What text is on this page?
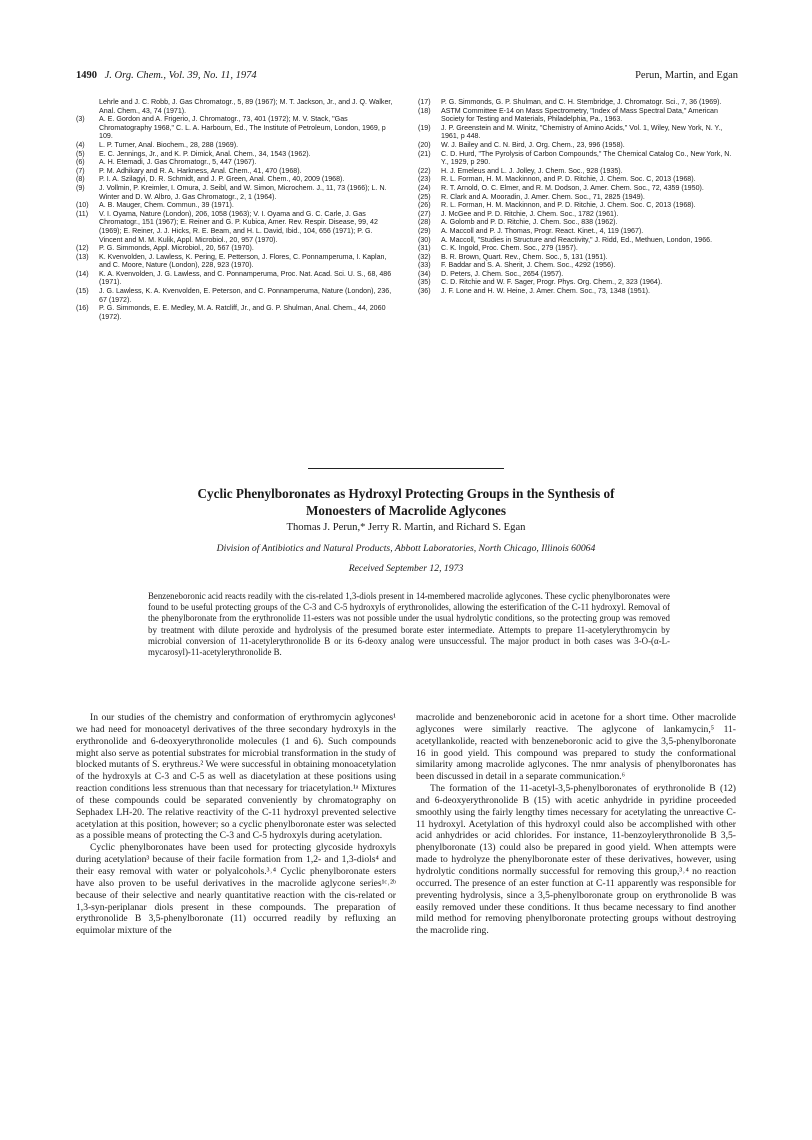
1490 J. Org. Chem., Vol. 39, No. 11, 1974	Perun, Martin, and Egan
Lehrle and J. C. Robb, J. Gas Chromatogr., 5, 89 (1967); M. T. Jackson, Jr., and J. Q. Walker, Anal. Chem., 43, 74 (1971).
(3) A. E. Gordon and A. Frigerio, J. Chromatogr., 73, 401 (1972); M. V. Stack, "Gas Chromatography 1968," C. L. A. Harbourn, Ed., The Institute of Petroleum, London, 1969, p 109.
(4) L. P. Turner, Anal. Biochem., 28, 288 (1969).
(5) E. C. Jennings, Jr., and K. P. Dimick, Anal. Chem., 34, 1543 (1962).
(6) A. H. Etemadi, J. Gas Chromatogr., 5, 447 (1967).
(7) P. M. Adhikary and R. A. Harkness, Anal. Chem., 41, 470 (1968).
(8) P. I. A. Szilagyi, D. R. Schmidt, and J. P. Green, Anal. Chem., 40, 2009 (1968).
(9) J. Vollmin, P. Kreimler, I. Omura, J. Seibl, and W. Simon, Microchem. J., 11, 73 (1966); L. N. Winter and D. W. Albro, J. Gas Chromatogr., 2, 1 (1964).
(10) A. B. Mauger, Chem. Commun., 39 (1971).
(11) V. I. Oyama, Nature (London), 206, 1058 (1963); V. I. Oyama and G. C. Carle, J. Gas Chromatogr., 151 (1967); E. Reiner and G. P. Kubica, Amer. Rev. Respir. Disease, 99, 42 (1969); E. Reiner, J. J. Hicks, R. E. Beam, and H. L. David, Ibid., 104, 656 (1971); P. G. Vincent and M. M. Kulik, Appl. Microbiol., 20, 957 (1970).
(12) P. G. Simmonds, Appl. Microbiol., 20, 567 (1970).
(13) K. Kvenvolden, J. Lawless, K. Pering, E. Petterson, J. Flores, C. Ponnamperuma, I. Kaplan, and C. Moore, Nature (London), 228, 923 (1970).
(14) K. A. Kvenvolden, J. G. Lawless, and C. Ponnamperuma, Proc. Nat. Acad. Sci. U. S., 68, 486 (1971).
(15) J. G. Lawless, K. A. Kvenvolden, E. Peterson, and C. Ponnamperuma, Nature (London), 236, 67 (1972).
(16) P. G. Simmonds, E. E. Medley, M. A. Ratcliff, Jr., and G. P. Shulman, Anal. Chem., 44, 2060 (1972).
(17) P. G. Simmonds, G. P. Shulman, and C. H. Stembridge, J. Chromatogr. Sci., 7, 36 (1969).
(18) ASTM Committee E-14 on Mass Spectrometry, "Index of Mass Spectral Data," American Society for Testing and Materials, Philadelphia, Pa., 1963.
(19) J. P. Greenstein and M. Winitz, "Chemistry of Amino Acids," Vol. 1, Wiley, New York, N. Y., 1961, p 448.
(20) W. J. Bailey and C. N. Bird, J. Org. Chem., 23, 996 (1958).
(21) C. D. Hurd, "The Pyrolysis of Carbon Compounds," The Chemical Catalog Co., New York, N. Y., 1929, p 290.
(22) H. J. Emeleus and L. J. Jolley, J. Chem. Soc., 928 (1935).
(23) R. L. Forman, H. M. Mackinnon, and P. D. Ritchie, J. Chem. Soc. C, 2013 (1968).
(24) R. T. Arnold, O. C. Elmer, and R. M. Dodson, J. Amer. Chem. Soc., 72, 4359 (1950).
(25) R. Clark and A. Mooradin, J. Amer. Chem. Soc., 71, 2825 (1949).
(26) R. L. Forman, H. M. Mackinnon, and P. D. Ritchie, J. Chem. Soc. C, 2013 (1968).
(27) J. McGee and P. D. Ritchie, J. Chem. Soc., 1782 (1961).
(28) A. Golomb and P. D. Ritchie, J. Chem. Soc., 838 (1962).
(29) A. Maccoll and P. J. Thomas, Progr. React. Kinet., 4, 119 (1967).
(30) A. Maccoll, "Studies in Structure and Reactivity," J. Ridd, Ed., Methuen, London, 1966.
(31) C. K. Ingold, Proc. Chem. Soc., 279 (1957).
(32) B. R. Brown, Quart. Rev., Chem. Soc., 5, 131 (1951).
(33) F. Baddar and S. A. Sherit, J. Chem. Soc., 4292 (1956).
(34) D. Peters, J. Chem. Soc., 2654 (1957).
(35) C. D. Ritchie and W. F. Sager, Progr. Phys. Org. Chem., 2, 323 (1964).
(36) J. F. Lone and H. W. Heine, J. Amer. Chem. Soc., 73, 1348 (1951).
Cyclic Phenylboronates as Hydroxyl Protecting Groups in the Synthesis of
Monoesters of Macrolide Aglycones
Thomas J. Perun,* Jerry R. Martin, and Richard S. Egan
Division of Antibiotics and Natural Products, Abbott Laboratories, North Chicago, Illinois 60064
Received September 12, 1973
Benzeneboronic acid reacts readily with the cis-related 1,3-diols present in 14-membered macrolide aglycones. These cyclic phenylboronates were found to be useful protecting groups of the C-3 and C-5 hydroxyls of erythronolides, allowing the esterification of the C-11 hydroxyl. Removal of the phenylboronate from the erythronolide 11-esters was not possible under the usual hydrolytic conditions, so the protecting group was removed by treatment with dilute peroxide and hydrolysis of the presumed borate ester intermediate. Attempts to prepare 11-acetylerythromycin by microbial conversion of 11-acetylerythronolide B or its 6-deoxy analog were unsuccessful. The major product in both cases was 3-O-(α-L-mycarosyl)-11-acetylerythronolide B.

In our studies of the chemistry and conformation of erythromycin aglycones¹ we had need for monoacetyl derivatives of the three secondary hydroxyls in the erythronolide and 6-deoxyerythronolide molecules (1 and 6). Such compounds might also serve as potential substrates for microbial transformation in the study of blocked mutants of S. erythreus.² We were successful in obtaining monoacetylation of the hydroxyls at C-3 and C-5 as well as diacetylation at these positions using reaction conditions less strenuous than that necessary for triacetylation.¹ᵃ Mixtures of these compounds could be separated conveniently by chromatography on Sephadex LH-20. The relative reactivity of the C-11 hydroxyl prevented selective acetylation at this position, however; so a cyclic phenylboronate ester was selected as a possible means of protecting the C-3 and C-5 hydroxyls during acetylation.

Cyclic phenylboronates have been used for protecting glycoside hydroxyls during acetylation³ because of their facile formation from 1,2- and 1,3-diols⁴ and their easy removal with water or polyalcohols.³˒⁴ Cyclic phenylboronate esters have also proven to be useful derivatives in the macrolide aglycone series¹ᶜ˒²ᵇ because of their selective and nearly quantitative reaction with the cis-related or 1,3-syn-periplanar diols present in these compounds. The preparation of erythronolide B 3,5-phenylboronate (11) occurred readily by refluxing an equimolar mixture of the

macrolide and benzeneboronic acid in acetone for a short time. Other macrolide aglycones were similarly reactive. The aglycone of lankamycin,⁵ 11-acetyllankolide, reacted with benzeneboronic acid to give the 3,5-phenylboronate 16 in good yield. This compound was prepared to study the conformational similarity among macrolide aglycones. The nmr analysis of phenylboronates has been discussed in detail in a separate communication.⁶

The formation of the 11-acetyl-3,5-phenylboronates of erythronolide B (12) and 6-deoxyerythronolide B (15) with acetic anhydride in pyridine proceeded smoothly using the fairly lengthy times necessary for acetylating the unreactive C-11 hydroxyl. Acetylation of this hydroxyl could also be accomplished with other acid anhydrides or acid chlorides. For instance, 11-benzoylerythronolide B 3,5-phenylboronate (13) could also be prepared in good yield. When attempts were made to hydrolyze the phenylboronate ester of these derivatives, however, using hydrolytic conditions normally successful for removing this group,³˒⁴ no reaction occurred. The presence of an ester function at C-11 apparently was responsible for preventing hydrolysis, since a 3,5-phenylboronate group on erythronolide B was easily removed under these conditions. It thus became necessary to find another mild method for removing phenylboronate protecting groups without destroying the macrolide ring.
